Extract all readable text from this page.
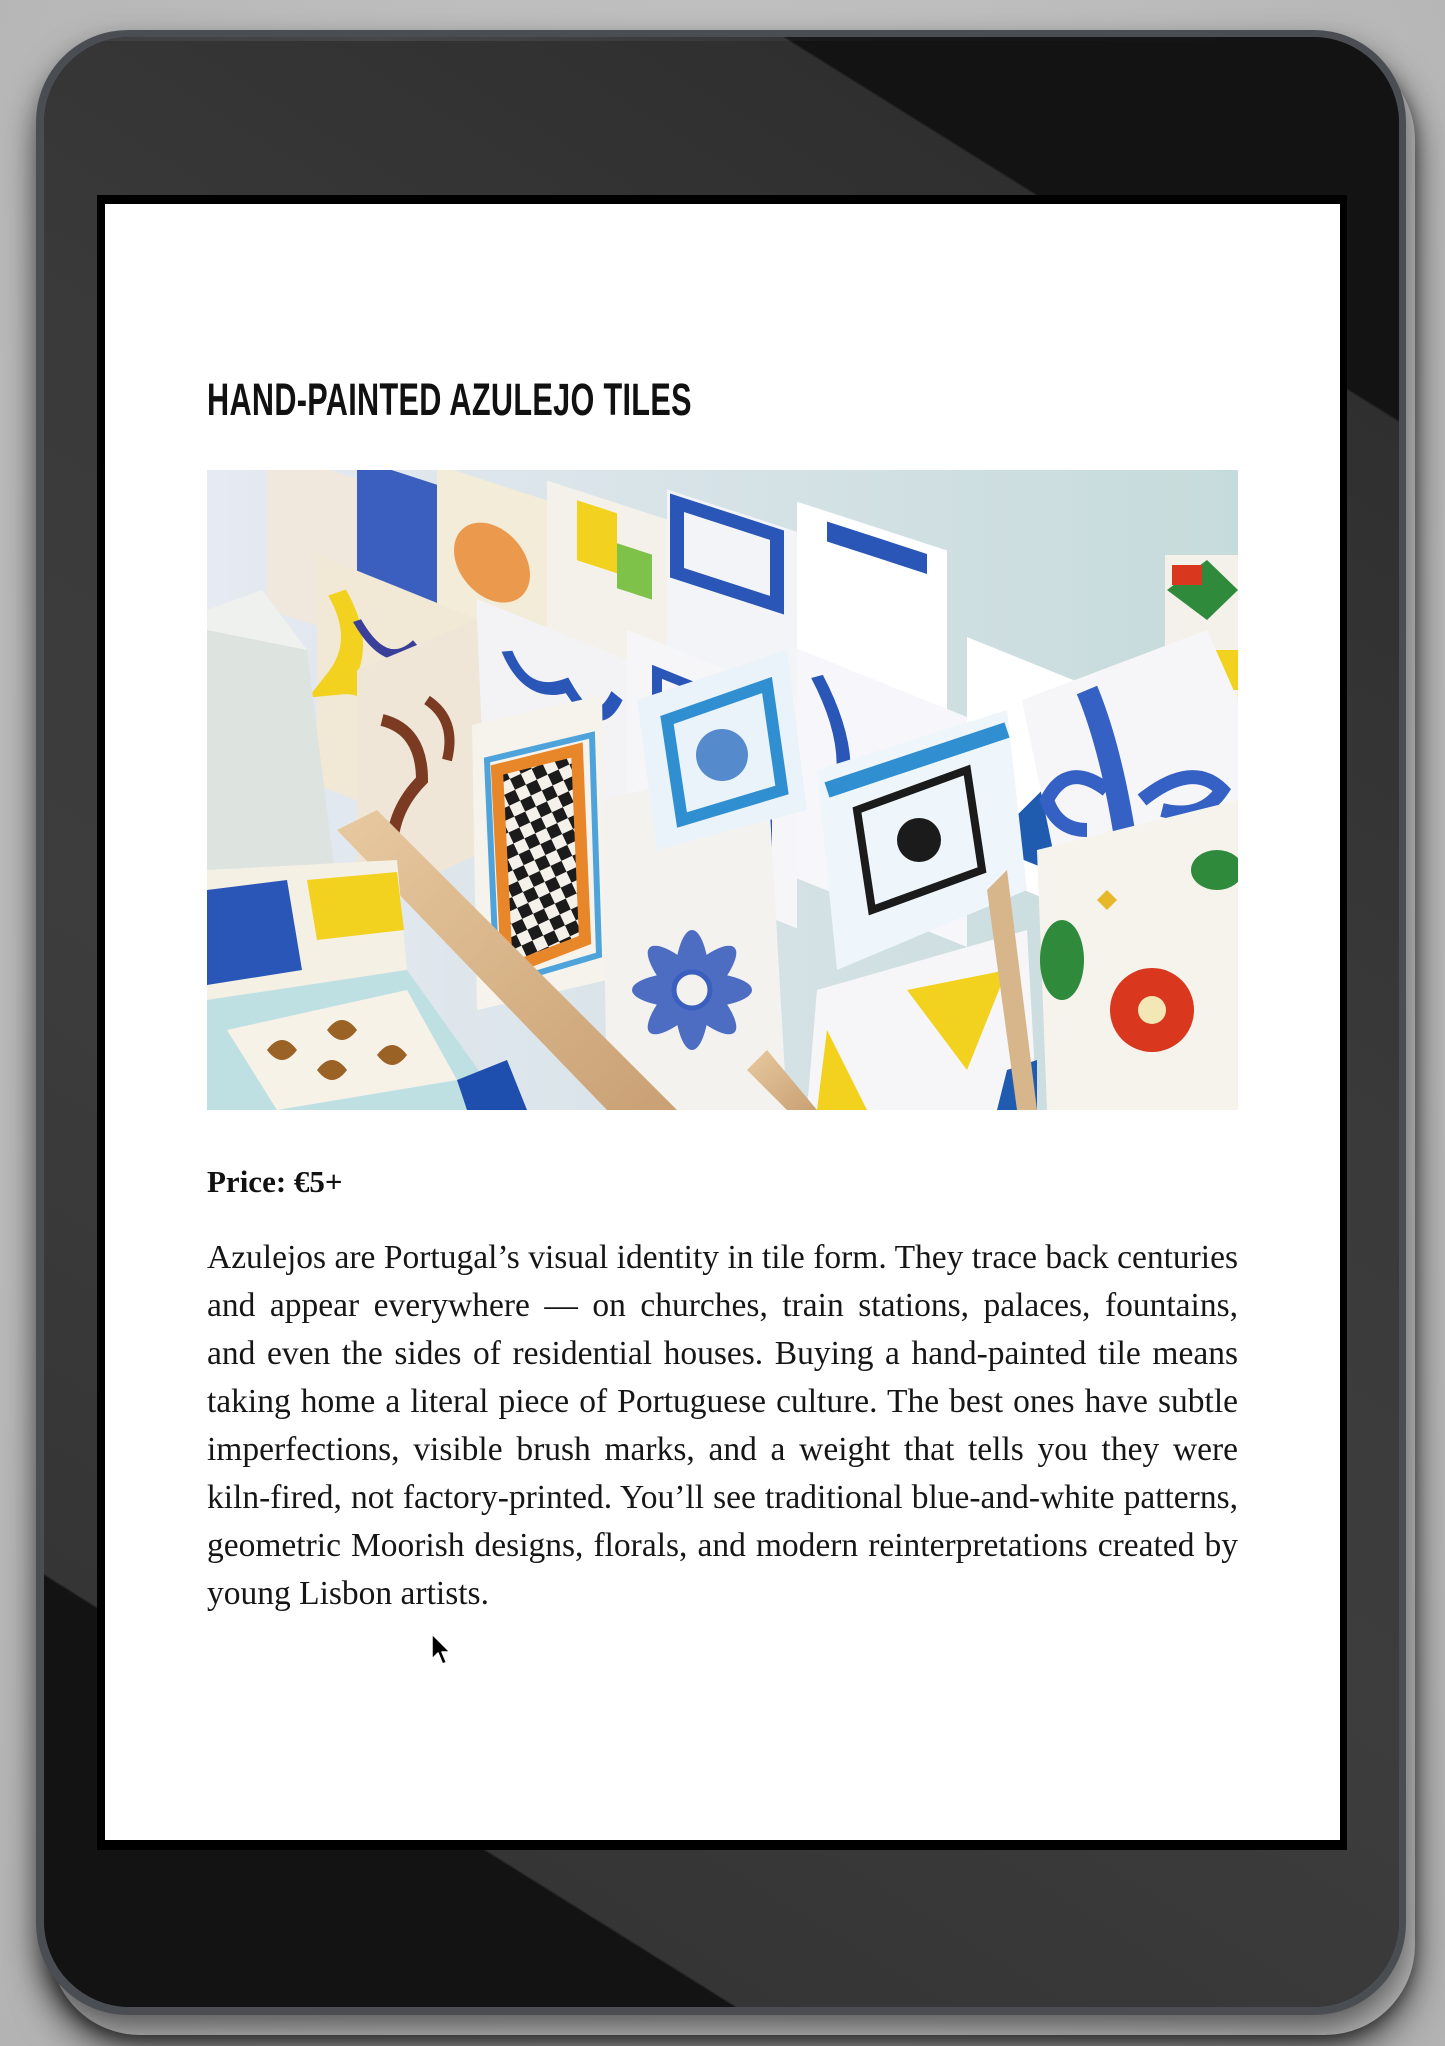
HAND-PAINTED AZULEJO TILES

Price: €5+

Azulejos are Portugal’s visual identity in tile form. They trace back centuries and appear everywhere — on churches, train stations, palaces, fountains, and even the sides of residential houses. Buying a hand-painted tile means taking home a literal piece of Portuguese culture. The best ones have subtle imperfections, visible brush marks, and a weight that tells you they were kiln-fired, not factory-printed. You’ll see traditional blue-and-white patterns, geometric Moorish designs, florals, and modern reinterpretations created by young Lisbon artists.
